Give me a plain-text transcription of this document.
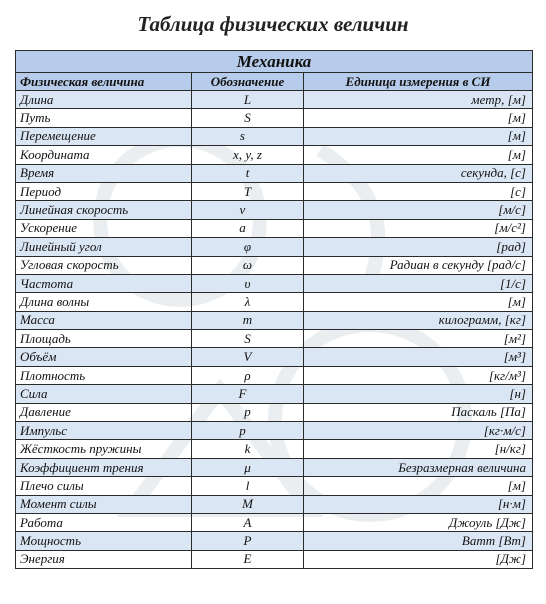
Таблица физических величин
Механика		
Физическая величина	Обозначение	Единица измерения в СИ
Длина	L	метр, [м]
Путь	S	[м]
Перемещение	s⃗	[м]
Координата	x, y, z	[м]
Время	t	секунда, [с]
Период	T	[с]
Линейная скорость	v⃗	[м/с]
Ускорение	a⃗	[м/с²]
Линейный угол	φ	[рад]
Угловая скорость	ω	Радиан в секунду [рад/с]
Частота	υ	[1/с]
Длина волны	λ	[м]
Масса	m	килограмм, [кг]
Площадь	S	[м²]
Объём	V	[м³]
Плотность	ρ	[кг/м³]
Сила	F⃗	[н]
Давление	p	Паскаль [Па]
Импульс	p⃗	[кг·м/с]
Жёсткость пружины	k	[н/кг]
Коэффициент трения	μ	Безразмерная величина
Плечо силы	l	[м]
Момент силы	M	[н·м]
Работа	A	Джоуль [Дж]
Мощность	P	Ватт [Вт]
Энергия	E	[Дж]
